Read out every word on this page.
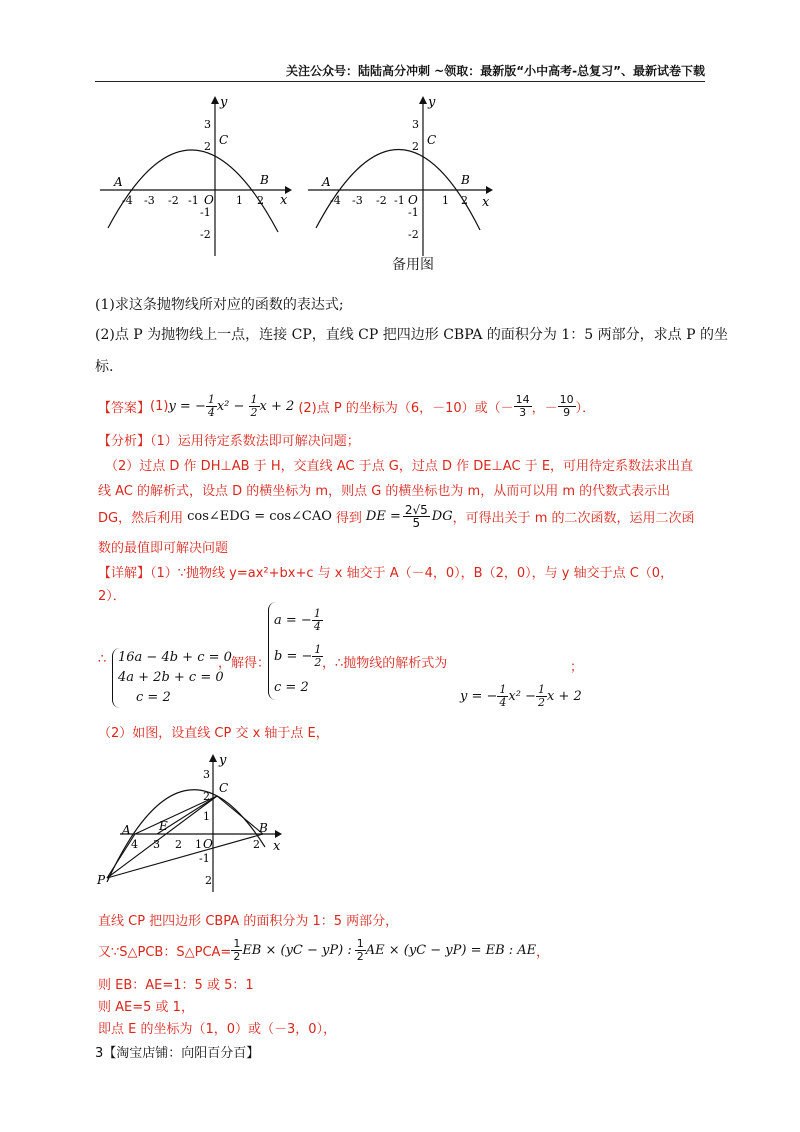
关注公众号：陆陆高分冲刺 ~领取：最新版“小中高考-总复习”、最新试卷下载
y
x
O
A	B
C
-4 -3 -2 -1	1 2
3
2
-1
-2
y
x
O
A	B
C
-4 -3 -2 -1	1 2
3
2
-1
-2
备用图
(1)求这条抛物线所对应的函数的表达式;
(2)点 P 为抛物线上一点，连接 CP，直线 CP 把四边形 CBPA 的面积分为 1：5 两部分，求点 P 的坐
标.
【答案】 (1) y = − $\frac{1}{4} x^2 - \frac{1}{2}$ x + 2 (2)点 P 的坐标为（6，－10）或（－ $\frac{14}{3}$ ，－ $\frac{10}{9}$ ）．
【分析】（1）运用待定系数法即可解决问题；
（2）过点 D 作 DH⊥AB 于 H，交直线 AC 于点 G，过点 D 作 DE⊥AC 于 E，可用待定系数法求出直
线 AC 的解析式，设点 D 的横坐标为 m，则点 G 的横坐标也为 m，从而可以用 m 的代数式表示出
DG，然后利用 cos∠EDG = cos∠CAO 得到 DE = $\frac{2√5}{5}$ DG ，可得出关于 m 的二次函数，运用二次函
数的最值即可解决问题
【详解】（1）∵抛物线 y=ax²+bx+c 与 x 轴交于 A（－4，0），B（2，0），与 y 轴交于点 C（0，
2）．
∴ 16a − 4b + c = 0
4a + 2b + c = 0
c = 2
，解得：
a = − $\frac{1}{4}$
b = − $\frac{1}{2}$
c = 2
，∴抛物线的解析式为	；
y = − $\frac{1}{4} x^2 - \frac{1}{2}$ x + 2
（2）如图，设直线 CP 交 x 轴于点 E，
A E
C
B
P
O	x
y
4 3 2 1	2
3
2
1
-1
2
直线 CP 把四边形 CBPA 的面积分为 1：5 两部分，
又∵S△PCB：S△PCA= $\frac{1}{2}$ EB × (yC − yP) : $\frac{1}{2}$ AE × (yC − yP) = EB : AE ，
则 EB：AE=1：5 或 5：1
则 AE=5 或 1，
即点 E 的坐标为（1，0）或（－3，0），
3【淘宝店铺：向阳百分百】
